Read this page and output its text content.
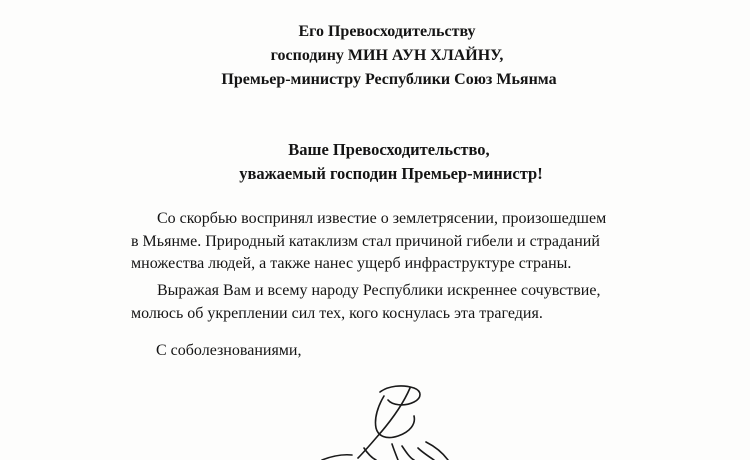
Его Превосходительству
господину МИН АУН ХЛАЙНУ,
Премьер-министру Республики Союз Мьянма
Ваше Превосходительство,
уважаемый господин Премьер-министр!
Со скорбью воспринял известие о землетрясении, произошедшем
в Мьянме. Природный катаклизм стал причиной гибели и страданий
множества людей, а также нанес ущерб инфраструктуре страны.
Выражая Вам и всему народу Республики искреннее сочувствие,
молюсь об укреплении сил тех, кого коснулась эта трагедия.
С соболезнованиями,
